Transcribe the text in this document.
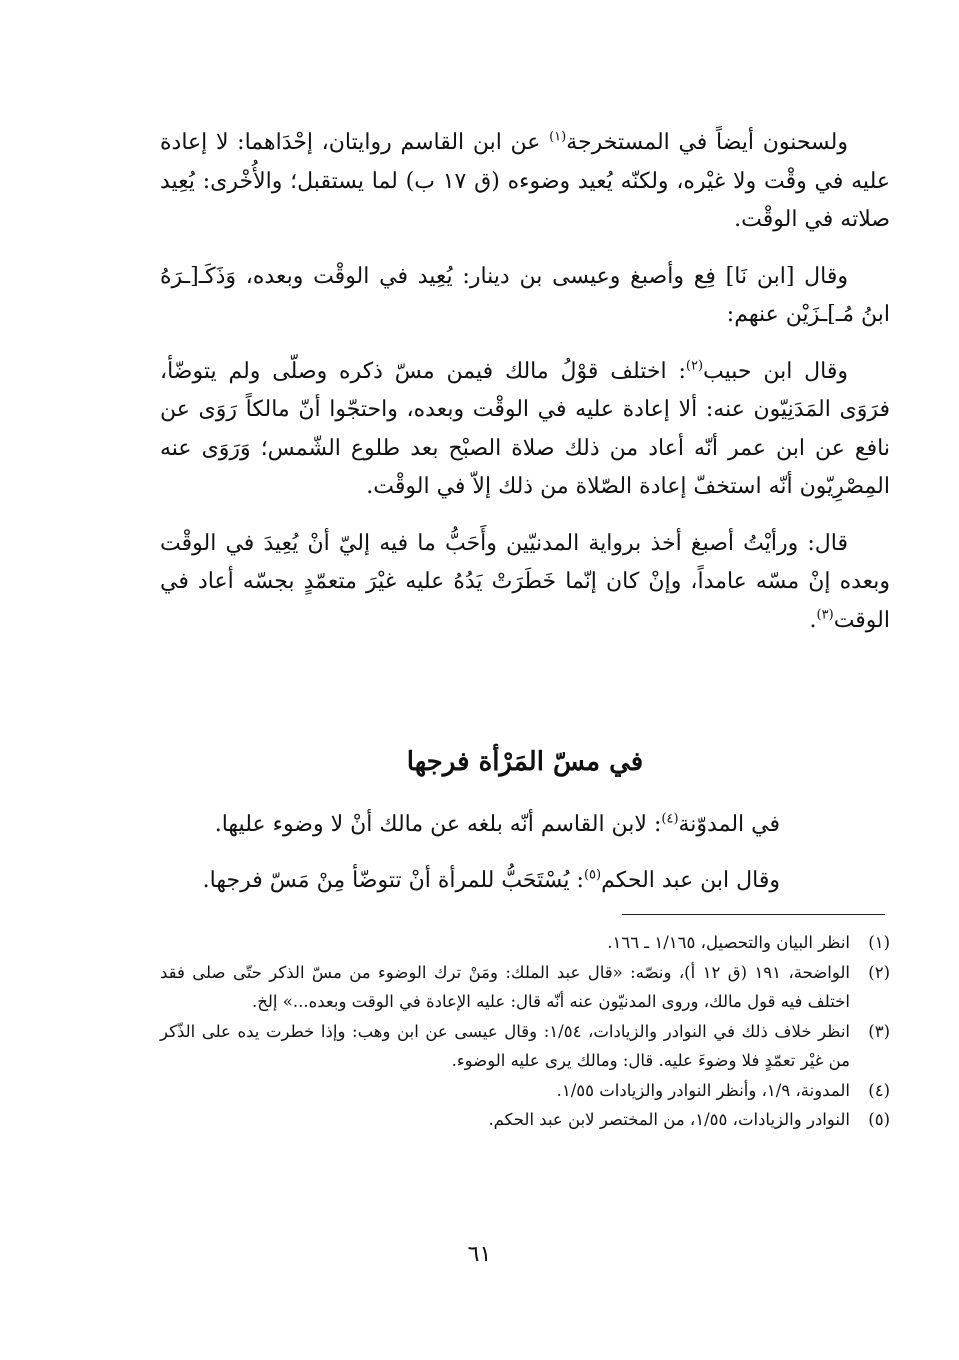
ولسحنون أيضاً في المستخرجة$^{(١)}$ عن ابن القاسم روايتان، إحْدَاهما: لا إعادة عليه في وقْت ولا غيْره، ولكنّه يُعيد وضوءه (ق ١٧ ب) لما يستقبل؛ والأُخْرى: يُعِيد صلاته في الوقْت.

وقال [ابن نَا] فِع وأصبغ وعيسى بن دينار: يُعِيد في الوقْت وبعده، وَذَكَـ[ـرَهُ ابنُ مُـ]ـزَيْن عنهم:

وقال ابن حبيب$^{(٢)}$: اختلف قوْلُ مالك فيمن مسّ ذكره وصلّى ولم يتوضّأ، فرَوَى المَدَنِيّون عنه: ألا إعادة عليه في الوقْت وبعده، واحتجّوا أنّ مالكاً رَوَى عن نافع عن ابن عمر أنّه أعاد من ذلك صلاة الصبْح بعد طلوع الشّمس؛ وَرَوَى عنه المِصْرِيّون أنّه استخفّ إعادة الصّلاة من ذلك إلاّ في الوقْت.

قال: ورأيْتُ أصبغ أخذ برواية المدنيّين وأَحَبُّ ما فيه إليّ أنْ يُعِيدَ في الوقْت وبعده إنْ مسّه عامداً، وإنْ كان إنّما خَطَرَتْ يَدُهُ عليه غيْرَ متعمّدٍ بجسّه أعاد في الوقت$^{(٣)}$.

في مسّ المَرْأة فرجها
في المدوّنة$^{(٤)}$: لابن القاسم أنّه بلغه عن مالك أنْ لا وضوء عليها.
وقال ابن عبد الحكم$^{(٥)}$: يُسْتَحَبُّ للمرأة أنْ تتوضّأ مِنْ مَسّ فرجها.
(١)
انظر البيان والتحصيل، ١/١٦٥ ـ ١٦٦.
(٢)
الواضحة، ١٩١ (ق ١٢ أ)، ونصّه: «قال عبد الملك: ومَنْ ترك الوضوء من مسّ الذكر حتّى صلى فقد اختلف فيه قول مالك، وروى المدنيّون عنه أنّه قال: عليه الإعادة في الوقت وبعده...» إلخ.
(٣)
انظر خلاف ذلك في النوادر والزيادات، ١/٥٤: وقال عيسى عن ابن وهب: وإذا خطرت يده على الذّكر من غيْر تعمّدٍ فلا وضوءَ عليه. قال: ومالك يرى عليه الوضوء.
(٤)
المدونة، ١/٩، وأنظر النوادر والزيادات ١/٥٥.
(٥)
النوادر والزيادات، ١/٥٥، من المختصر لابن عبد الحكم.
٦١
